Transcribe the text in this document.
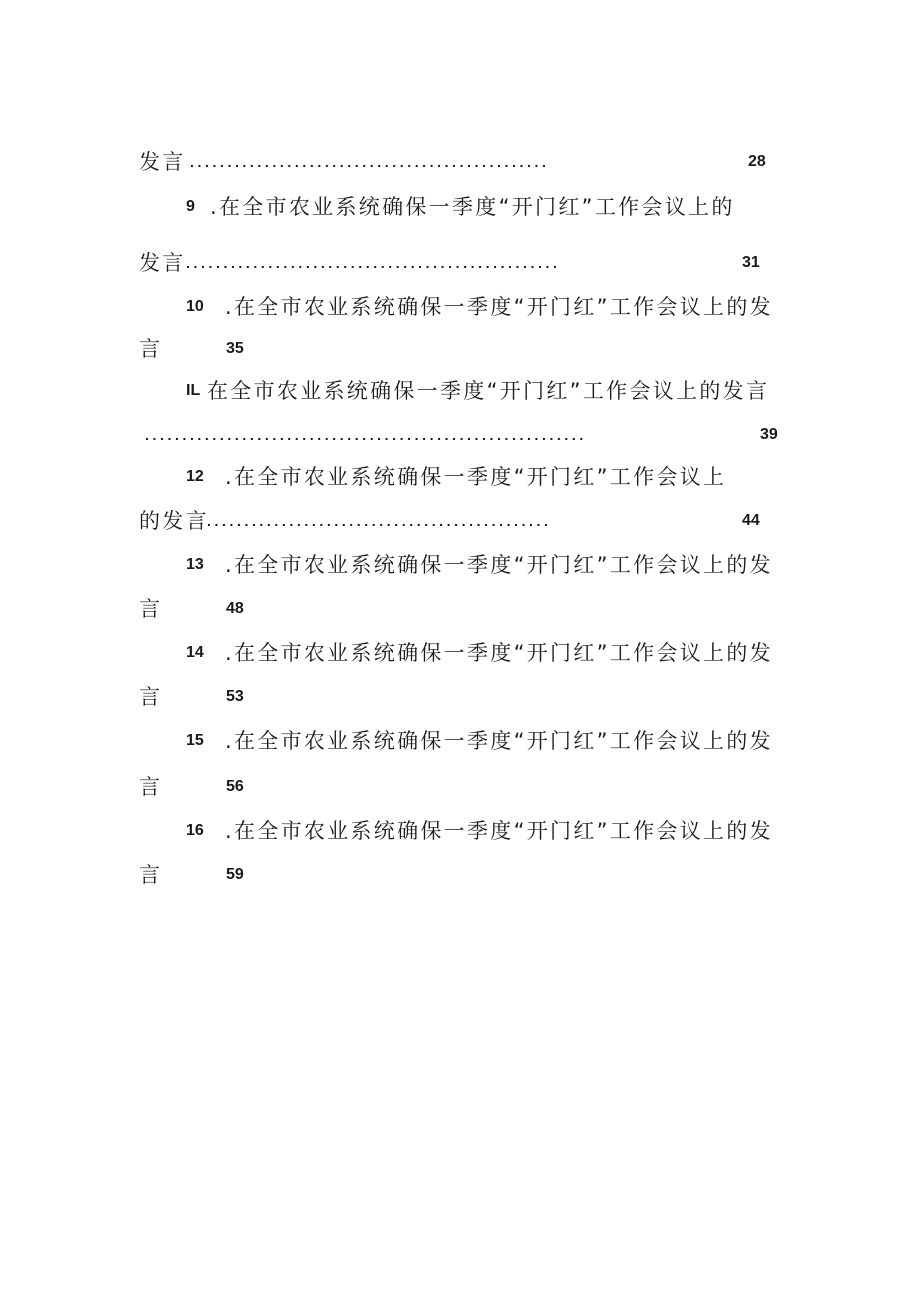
发言 ................................................	28
9 .在全市农业系统确保一季度“开门红”工作会议上的
发言 ..................................................	31
10 .在全市农业系统确保一季度“开门红”工作会议上的发
言	35
IL 在全市农业系统确保一季度“开门红”工作会议上的发言
...........................................................	39
12 .在全市农业系统确保一季度“开门红”工作会议上
的发言
..............................................	44
13 .在全市农业系统确保一季度“开门红”工作会议上的发
言	48
14 .在全市农业系统确保一季度“开门红”工作会议上的发
言	53
15 .在全市农业系统确保一季度“开门红”工作会议上的发
言	56
16 .在全市农业系统确保一季度“开门红”工作会议上的发
言	59
